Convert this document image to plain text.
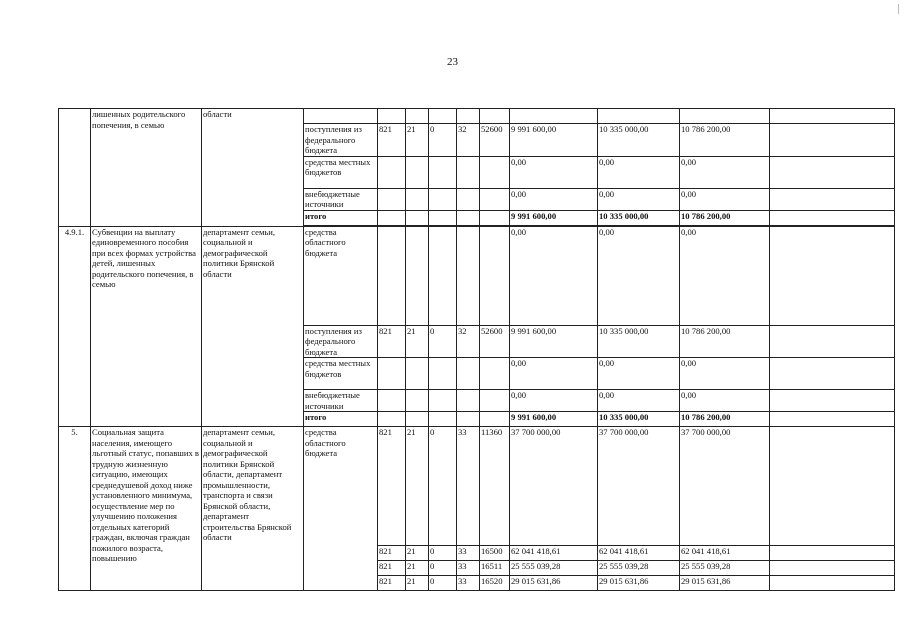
23
	лишенных родительского попечения, в семью	области										
			поступления из федерального бюджета	821	21	0	32	52600	9 991 600,00	10 335 000,00	10 786 200,00	
			средства местных бюджетов						0,00	0,00	0,00	
			внебюджетные источники						0,00	0,00	0,00	
			итого						9 991 600,00	10 335 000,00	10 786 200,00	

4.9.1.	Субвенции на выплату единовременного пособия при всех формах устройства детей, лишенных родительского попечения, в семью	департамент семьи, социальной и демографической политики Брянской области	средства областного бюджета						0,00	0,00	0,00	
			поступления из федерального бюджета	821	21	0	32	52600	9 991 600,00	10 335 000,00	10 786 200,00	
			средства местных бюджетов						0,00	0,00	0,00	
			внебюджетные источники						0,00	0,00	0,00	
			итого						9 991 600,00	10 335 000,00	10 786 200,00	
5.	Социальная защита населения, имеющего льготный статус, попавших в трудную жизненную ситуацию, имеющих среднедушевой доход ниже установленного минимума, осуществление мер по улучшению положения отдельных категорий граждан, включая граждан пожилого возраста, повышению	департамент семьи, социальной и демографической политики Брянской области, департамент промышленности, транспорта и связи Брянской области, департамент строительства Брянской области	средства областного бюджета	821	21	0	33	11360	37 700 000,00	37 700 000,00	37 700 000,00	
				821	21	0	33	16500	62 041 418,61	62 041 418,61	62 041 418,61	
				821	21	0	33	16511	25 555 039,28	25 555 039,28	25 555 039,28	
				821	21	0	33	16520	29 015 631,86	29 015 631,86	29 015 631,86	
